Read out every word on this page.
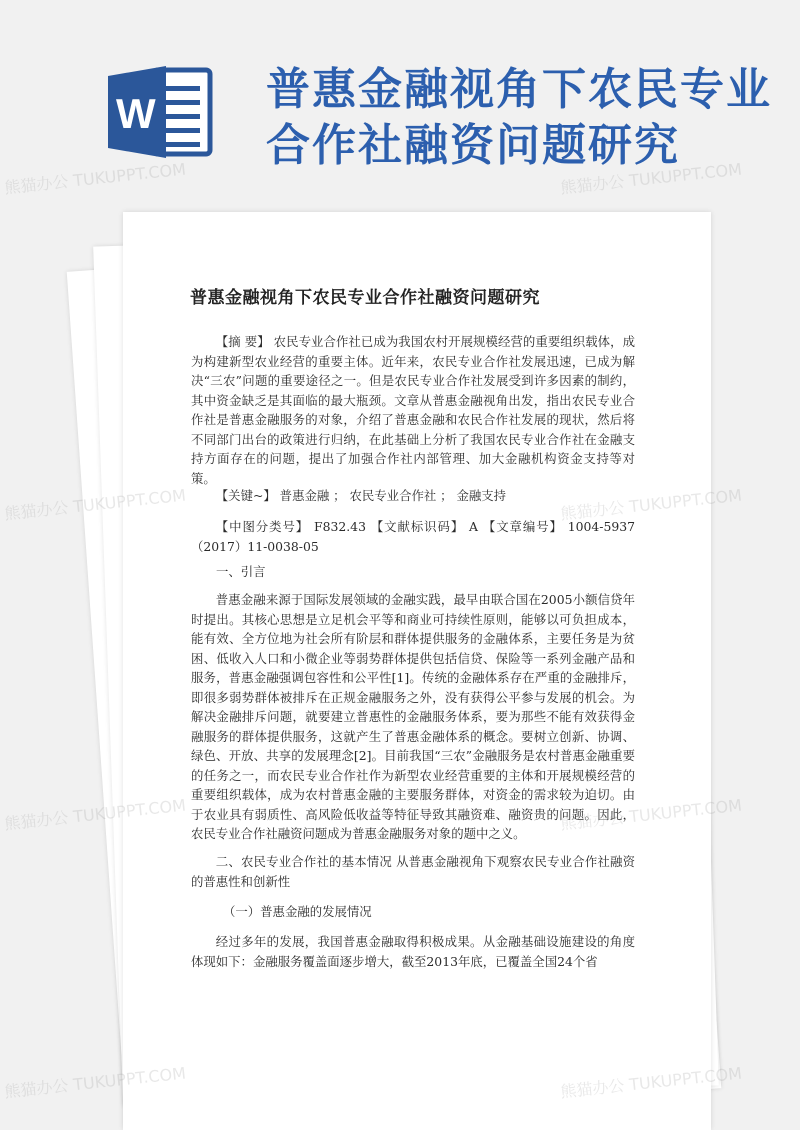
W	普惠金融视角下农民专业合作社融资问题研究
普惠金融视角下农民专业合作社融资问题研究

【摘 要】 农民专业合作社已成为我国农村开展规模经营的重要组织载体，成为构建新型农业经营的重要主体。近年来，农民专业合作社发展迅速，已成为解决“三农”问题的重要途径之一。但是农民专业合作社发展受到许多因素的制约，其中资金缺乏是其面临的最大瓶颈。文章从普惠金融视角出发，指出农民专业合作社是普惠金融服务的对象，介绍了普惠金融和农民合作社发展的现状，然后将不同部门出台的政策进行归纳，在此基础上分析了我国农民专业合作社在金融支持方面存在的问题，提出了加强合作社内部管理、加大金融机构资金支持等对策。

【关键~】 普惠金融 ； 农民专业合作社 ； 金融支持

【中图分类号】 F832.43 【文献标识码】 A 【文章编号】 1004-5937（2017）11-0038-05

一、引言

普惠金融来源于国际发展领域的金融实践，最早由联合国在2005小额信贷年时提出。其核心思想是立足机会平等和商业可持续性原则，能够以可负担成本，能有效、全方位地为社会所有阶层和群体提供服务的金融体系，主要任务是为贫困、低收入人口和小微企业等弱势群体提供包括信贷、保险等一系列金融产品和服务，普惠金融强调包容性和公平性[1]。传统的金融体系存在严重的金融排斥，即很多弱势群体被排斥在正规金融服务之外，没有获得公平参与发展的机会。为解决金融排斥问题，就要建立普惠性的金融服务体系，要为那些不能有效获得金融服务的群体提供服务，这就产生了普惠金融体系的概念。要树立创新、协调、绿色、开放、共享的发展理念[2]。目前我国“三农”金融服务是农村普惠金融重要的任务之一，而农民专业合作社作为新型农业经营重要的主体和开展规模经营的重要组织载体，成为农村普惠金融的主要服务群体，对资金的需求较为迫切。由于农业具有弱质性、高风险低收益等特征导致其融资难、融资贵的问题。因此，农民专业合作社融资问题成为普惠金融服务对象的题中之义。

二、农民专业合作社的基本情况 从普惠金融视角下观察农民专业合作社融资的普惠性和创新性

（一）普惠金融的发展情况

经过多年的发展，我国普惠金融取得积极成果。从金融基础设施建设的角度体现如下：金融服务覆盖面逐步增大，截至2013年底，已覆盖全国24个省

熊猫办公 TUKUPPT.COM	熊猫办公 TUKUPPT.COM
熊猫办公 TUKUPPT.COM	熊猫办公 TUKUPPT.COM
熊猫办公 TUKUPPT.COM	熊猫办公 TUKUPPT.COM
熊猫办公 TUKUPPT.COM	熊猫办公 TUKUPPT.COM
